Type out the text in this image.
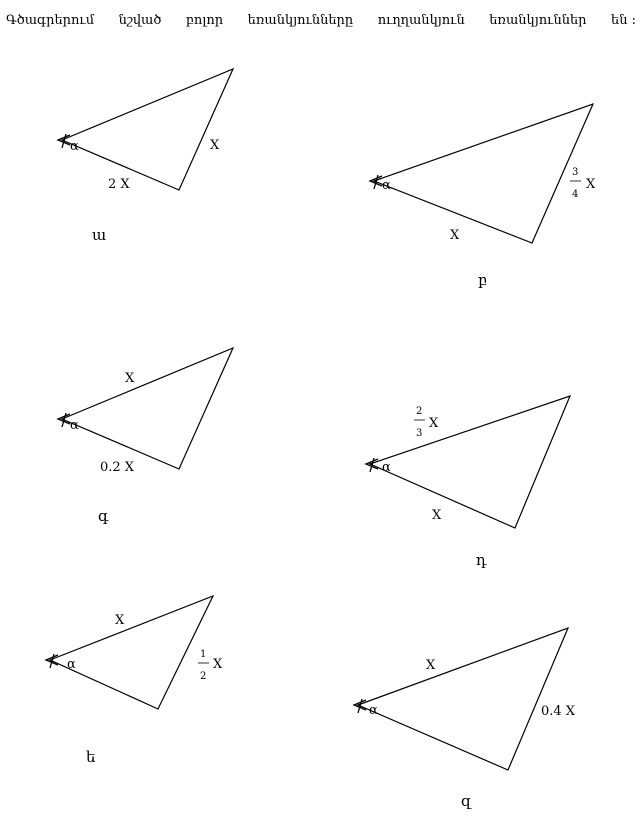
Գծագրերում նշված բոլոր եռանկյունները ուղղանկյուն եռանկյուններ են :
α
α
α
α
α
α
X
2 X
ա
3
4
X
X
բ
X
0.2 X
գ
2
3
X
X
դ
X
1
2
X
ե
X
0.4 X
զ
